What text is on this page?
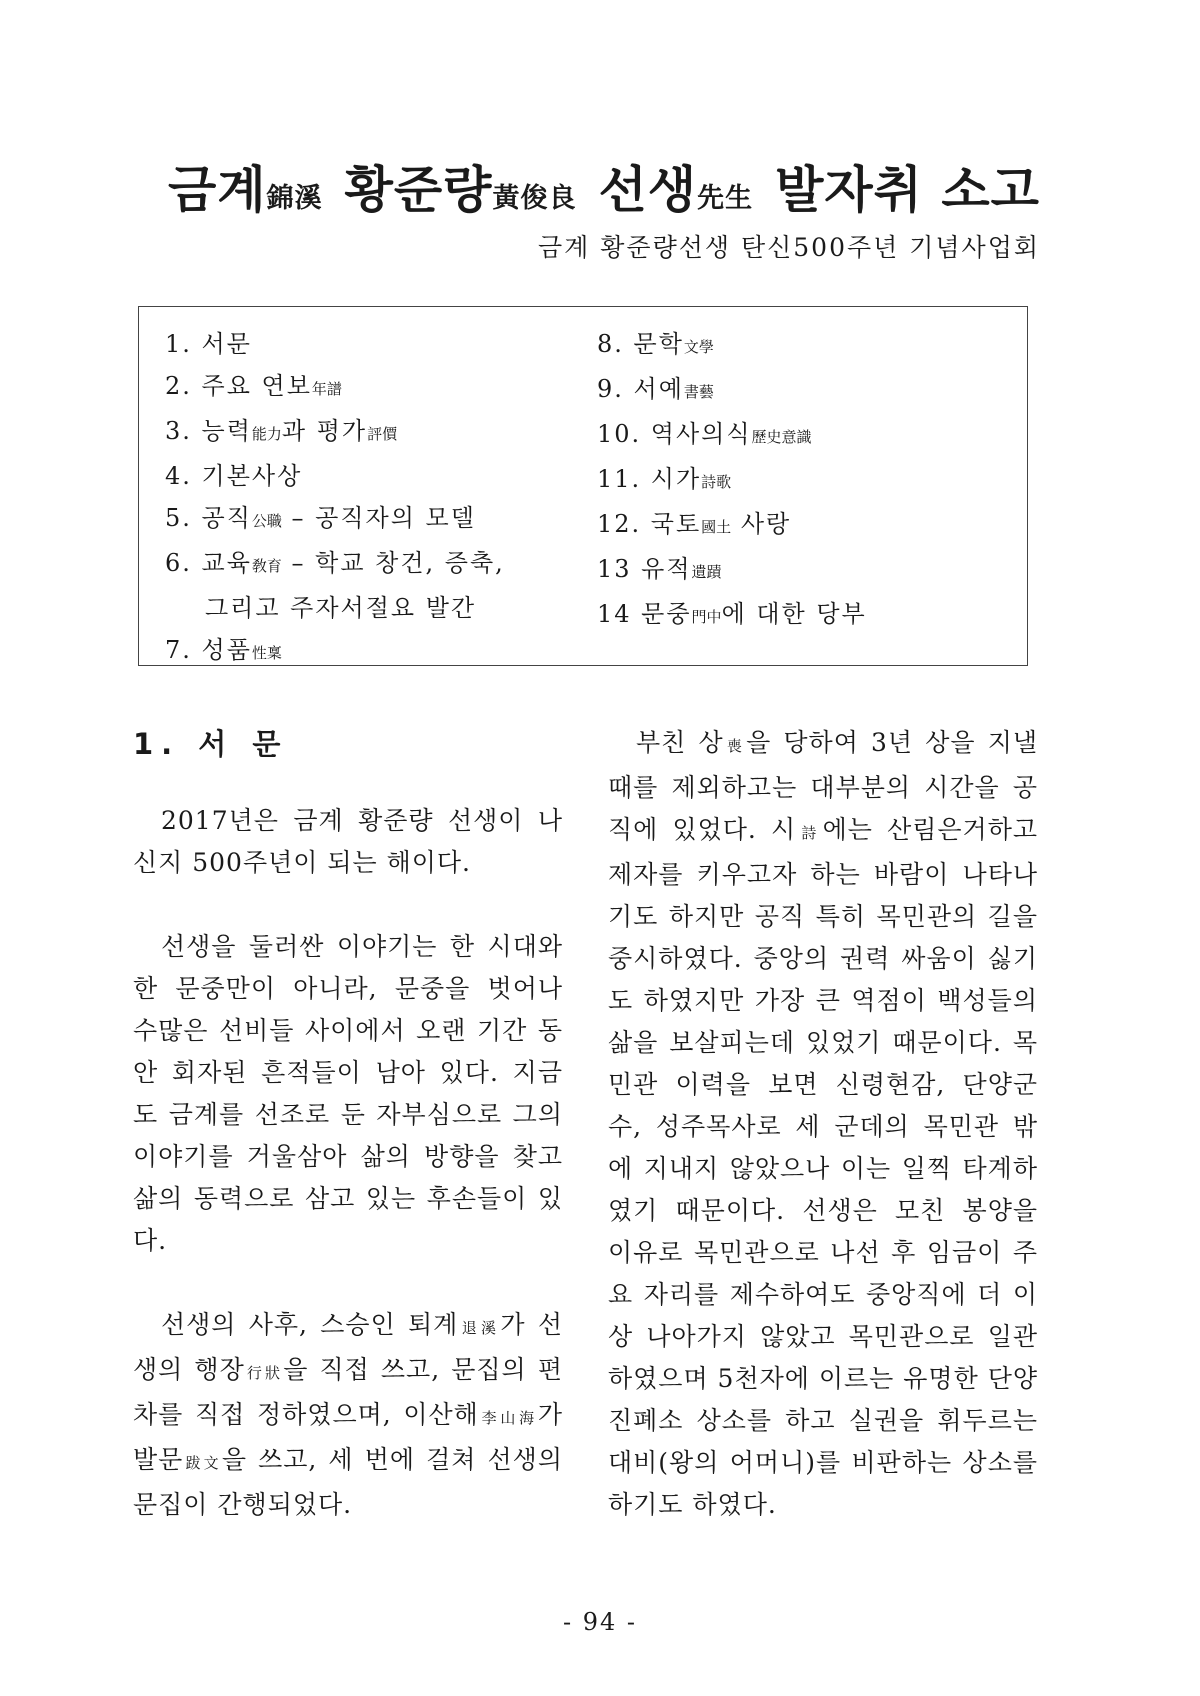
금계錦溪 황준량黃俊良 선생先生 발자취 소고
금계 황준량선생 탄신500주년 기념사업회
1. 서문
2. 주요 연보年譜
3. 능력能力과 평가評價
4. 기본사상
5. 공직公職 – 공직자의 모델
6. 교육敎育 – 학교 창건, 증축,
그리고 주자서절요 발간
7. 성품性稟
8. 문학文學
9. 서예書藝
10. 역사의식歷史意識
11. 시가詩歌
12. 국토國土 사랑
13 유적遺蹟
14 문중門中에 대한 당부
1. 서 문

2017년은 금계 황준량 선생이 나신지 500주년이 되는 해이다.

선생을 둘러싼 이야기는 한 시대와 한 문중만이 아니라, 문중을 벗어나 수많은 선비들 사이에서 오랜 기간 동안 회자된 흔적들이 남아 있다. 지금도 금계를 선조로 둔 자부심으로 그의 이야기를 거울삼아 삶의 방향을 찾고 삶의 동력으로 삼고 있는 후손들이 있다.

선생의 사후, 스승인 퇴계退溪가 선생의 행장行狀을 직접 쓰고, 문집의 편차를 직접 정하였으며, 이산해李山海가 발문跋文을 쓰고, 세 번에 걸쳐 선생의 문집이 간행되었다.

부친 상喪을 당하여 3년 상을 지낼 때를 제외하고는 대부분의 시간을 공직에 있었다. 시詩에는 산림은거하고 제자를 키우고자 하는 바람이 나타나기도 하지만 공직 특히 목민관의 길을 중시하였다. 중앙의 권력 싸움이 싫기도 하였지만 가장 큰 역점이 백성들의 삶을 보살피는데 있었기 때문이다. 목민관 이력을 보면 신령현감, 단양군수, 성주목사로 세 군데의 목민관 밖에 지내지 않았으나 이는 일찍 타계하였기 때문이다. 선생은 모친 봉양을 이유로 목민관으로 나선 후 임금이 주요 자리를 제수하여도 중앙직에 더 이상 나아가지 않았고 목민관으로 일관하였으며 5천자에 이르는 유명한 단양진폐소 상소를 하고 실권을 휘두르는 대비(왕의 어머니)를 비판하는 상소를 하기도 하였다.

- 94 -
